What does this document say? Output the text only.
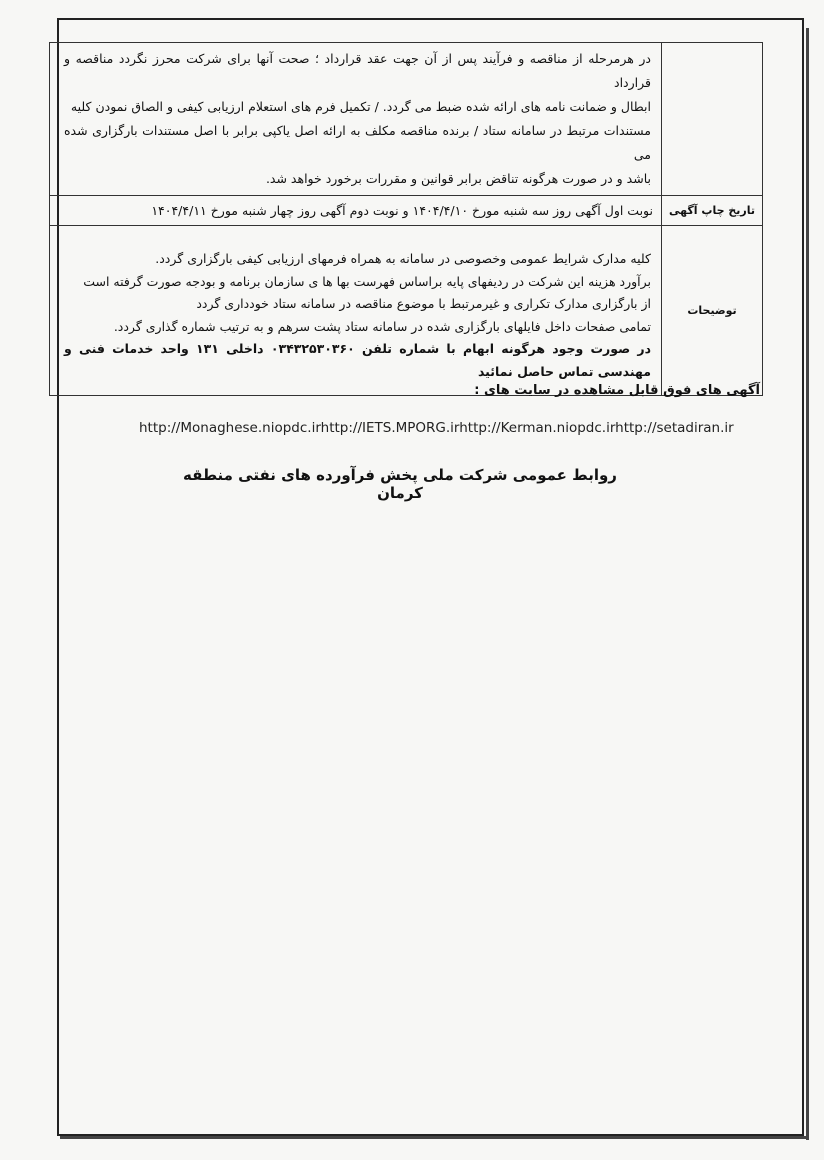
	در هرمرحله از مناقصه و فرآیند پس از آن جهت عقد قرارداد ؛ صحت آنها برای شرکت محرز نگردد مناقصه و قرارداد
ابطال و ضمانت نامه های ارائه شده ضبط می گردد. / تکمیل فرم های استعلام ارزیابی کیفی و الصاق نمودن کلیه
مستندات مرتبط در سامانه ستاد / برنده مناقصه مکلف به ارائه اصل یاکپی برابر با اصل مستندات بارگزاری شده می
باشد و در صورت هرگونه تناقض برابر قوانین و مقررات برخورد خواهد شد.

تاریخ چاپ آگهی	نوبت اول آگهی روز سه شنبه مورخ ۱۴۰۴/۴/۱۰ و نوبت دوم آگهی روز چهار شنبه مورخ ۱۴۰۴/۴/۱۱
توضیحات	کلیه مدارک شرایط عمومی وخصوصی در سامانه به همراه فرمهای ارزیابی کیفی بارگزاری گردد.
برآورد هزینه این شرکت در ردیفهای پایه براساس فهرست بها ها ی سازمان برنامه و بودجه صورت گرفته است
از بارگزاری مدارک تکراری و غیرمرتبط با موضوع مناقصه در سامانه ستاد خودداری گردد
تمامی صفحات داخل فایلهای بارگزاری شده در سامانه ستاد پشت سرهم و به ترتیب شماره گذاری گردد.
در صورت وجود هرگونه ابهام با شماره تلفن ۰۳۴۳۲۵۳۰۳۶۰ داخلی ۱۳۱ واحد خدمات فنی و مهندسی تماس حاصل نمائید
آگهی های فوق قابل مشاهده در سایت های :
http://Monaghese.niopdc.irhttp://IETS.MPORG.irhttp://Kerman.niopdc.irhttp://setadiran.ir
روابط عمومی شرکت ملی پخش فرآورده های نفتی منطقه کرمان
